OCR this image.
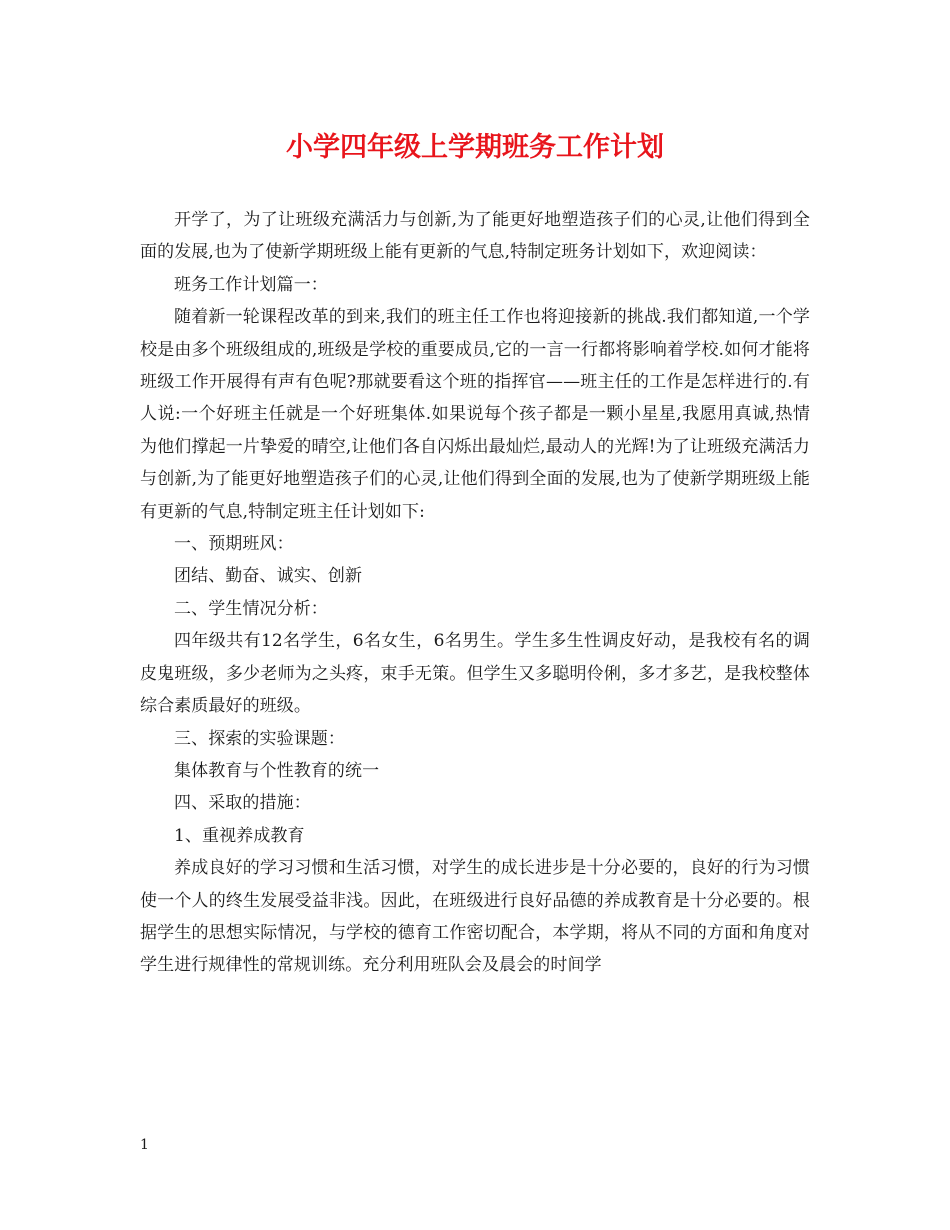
小学四年级上学期班务工作计划

开学了，为了让班级充满活力与创新,为了能更好地塑造孩子们的心灵,让他们得到全面的发展,也为了使新学期班级上能有更新的气息,特制定班务计划如下，欢迎阅读：

班务工作计划篇一：

随着新一轮课程改革的到来,我们的班主任工作也将迎接新的挑战.我们都知道,一个学校是由多个班级组成的,班级是学校的重要成员,它的一言一行都将影响着学校.如何才能将班级工作开展得有声有色呢?那就要看这个班的指挥官——班主任的工作是怎样进行的.有人说:一个好班主任就是一个好班集体.如果说每个孩子都是一颗小星星,我愿用真诚,热情为他们撑起一片挚爱的晴空,让他们各自闪烁出最灿烂,最动人的光辉!为了让班级充满活力与创新,为了能更好地塑造孩子们的心灵,让他们得到全面的发展,也为了使新学期班级上能有更新的气息,特制定班主任计划如下:

一、预期班风：

团结、勤奋、诚实、创新

二、学生情况分析：

四年级共有12名学生，6名女生，6名男生。学生多生性调皮好动，是我校有名的调皮鬼班级，多少老师为之头疼，束手无策。但学生又多聪明伶俐，多才多艺，是我校整体综合素质最好的班级。

三、探索的实验课题：

集体教育与个性教育的统一

四、采取的措施：

1、重视养成教育

养成良好的学习习惯和生活习惯，对学生的成长进步是十分必要的，良好的行为习惯使一个人的终生发展受益非浅。因此，在班级进行良好品德的养成教育是十分必要的。根据学生的思想实际情况，与学校的德育工作密切配合，本学期，将从不同的方面和角度对学生进行规律性的常规训练。充分利用班队会及晨会的时间学

1
